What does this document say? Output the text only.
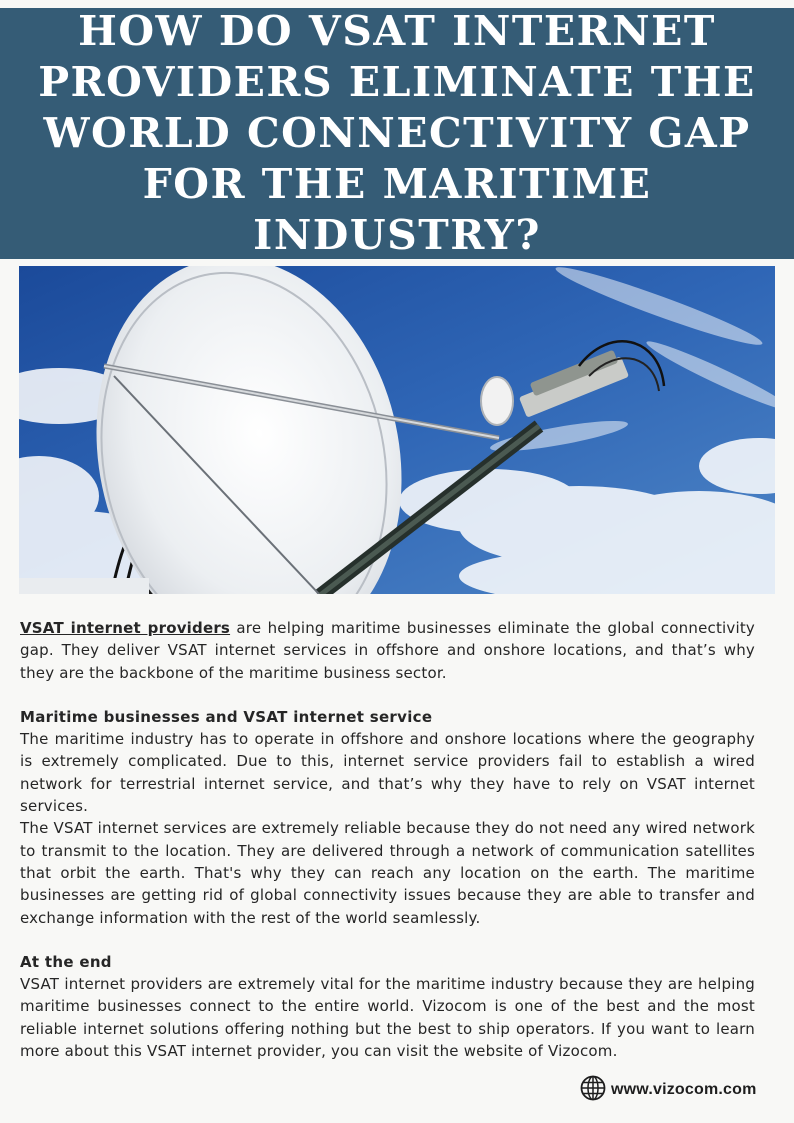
HOW DO VSAT INTERNET PROVIDERS ELIMINATE THE WORLD CONNECTIVITY GAP FOR THE MARITIME INDUSTRY?

VSAT internet providers are helping maritime businesses eliminate the global connectivity gap. They deliver VSAT internet services in offshore and onshore locations, and that’s why they are the backbone of the maritime business sector.

Maritime businesses and VSAT internet service

The maritime industry has to operate in offshore and onshore locations where the geography is extremely complicated. Due to this, internet service providers fail to establish a wired network for terrestrial internet service, and that’s why they have to rely on VSAT internet services.

The VSAT internet services are extremely reliable because they do not need any wired network to transmit to the location. They are delivered through a network of communication satellites that orbit the earth. That's why they can reach any location on the earth. The maritime businesses are getting rid of global connectivity issues because they are able to transfer and exchange information with the rest of the world seamlessly.

At the end

VSAT internet providers are extremely vital for the maritime industry because they are helping maritime businesses connect to the entire world. Vizocom is one of the best and the most reliable internet solutions offering nothing but the best to ship operators. If you want to learn more about this VSAT internet provider, you can visit the website of Vizocom.

www.vizocom.com
